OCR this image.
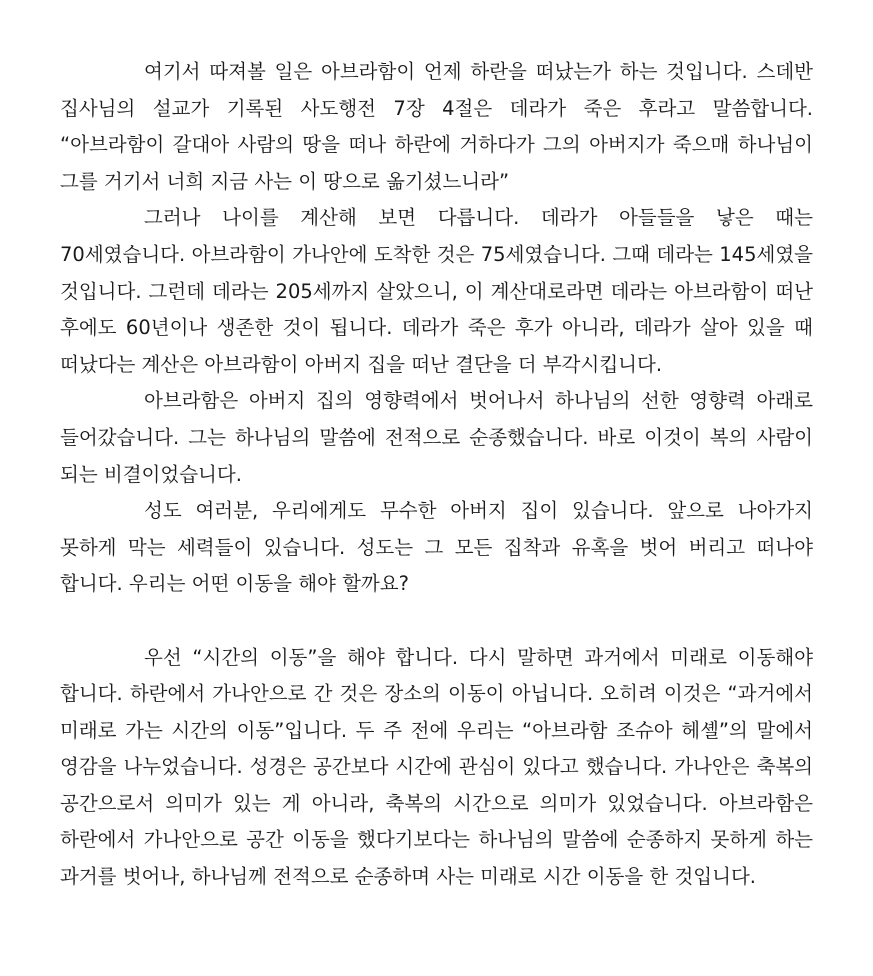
여기서 따져볼 일은 아브라함이 언제 하란을 떠났는가 하는 것입니다. 스데반 집사님의 설교가 기록된 사도행전 7장 4절은 데라가 죽은 후라고 말씀합니다. “아브라함이 갈대아 사람의 땅을 떠나 하란에 거하다가 그의 아버지가 죽으매 하나님이 그를 거기서 너희 지금 사는 이 땅으로 옮기셨느니라”

그러나 나이를 계산해 보면 다릅니다. 데라가 아들들을 낳은 때는 70세였습니다. 아브라함이 가나안에 도착한 것은 75세였습니다. 그때 데라는 145세였을 것입니다. 그런데 데라는 205세까지 살았으니, 이 계산대로라면 데라는 아브라함이 떠난 후에도 60년이나 생존한 것이 됩니다. 데라가 죽은 후가 아니라, 데라가 살아 있을 때 떠났다는 계산은 아브라함이 아버지 집을 떠난 결단을 더 부각시킵니다.

아브라함은 아버지 집의 영향력에서 벗어나서 하나님의 선한 영향력 아래로 들어갔습니다. 그는 하나님의 말씀에 전적으로 순종했습니다. 바로 이것이 복의 사람이 되는 비결이었습니다.

성도 여러분, 우리에게도 무수한 아버지 집이 있습니다. 앞으로 나아가지 못하게 막는 세력들이 있습니다. 성도는 그 모든 집착과 유혹을 벗어 버리고 떠나야 합니다. 우리는 어떤 이동을 해야 할까요?

우선 “시간의 이동”을 해야 합니다. 다시 말하면 과거에서 미래로 이동해야 합니다. 하란에서 가나안으로 간 것은 장소의 이동이 아닙니다. 오히려 이것은 “과거에서 미래로 가는 시간의 이동”입니다. 두 주 전에 우리는 “아브라함 조슈아 헤셸”의 말에서 영감을 나누었습니다. 성경은 공간보다 시간에 관심이 있다고 했습니다. 가나안은 축복의 공간으로서 의미가 있는 게 아니라, 축복의 시간으로 의미가 있었습니다. 아브라함은 하란에서 가나안으로 공간 이동을 했다기보다는 하나님의 말씀에 순종하지 못하게 하는 과거를 벗어나, 하나님께 전적으로 순종하며 사는 미래로 시간 이동을 한 것입니다.
